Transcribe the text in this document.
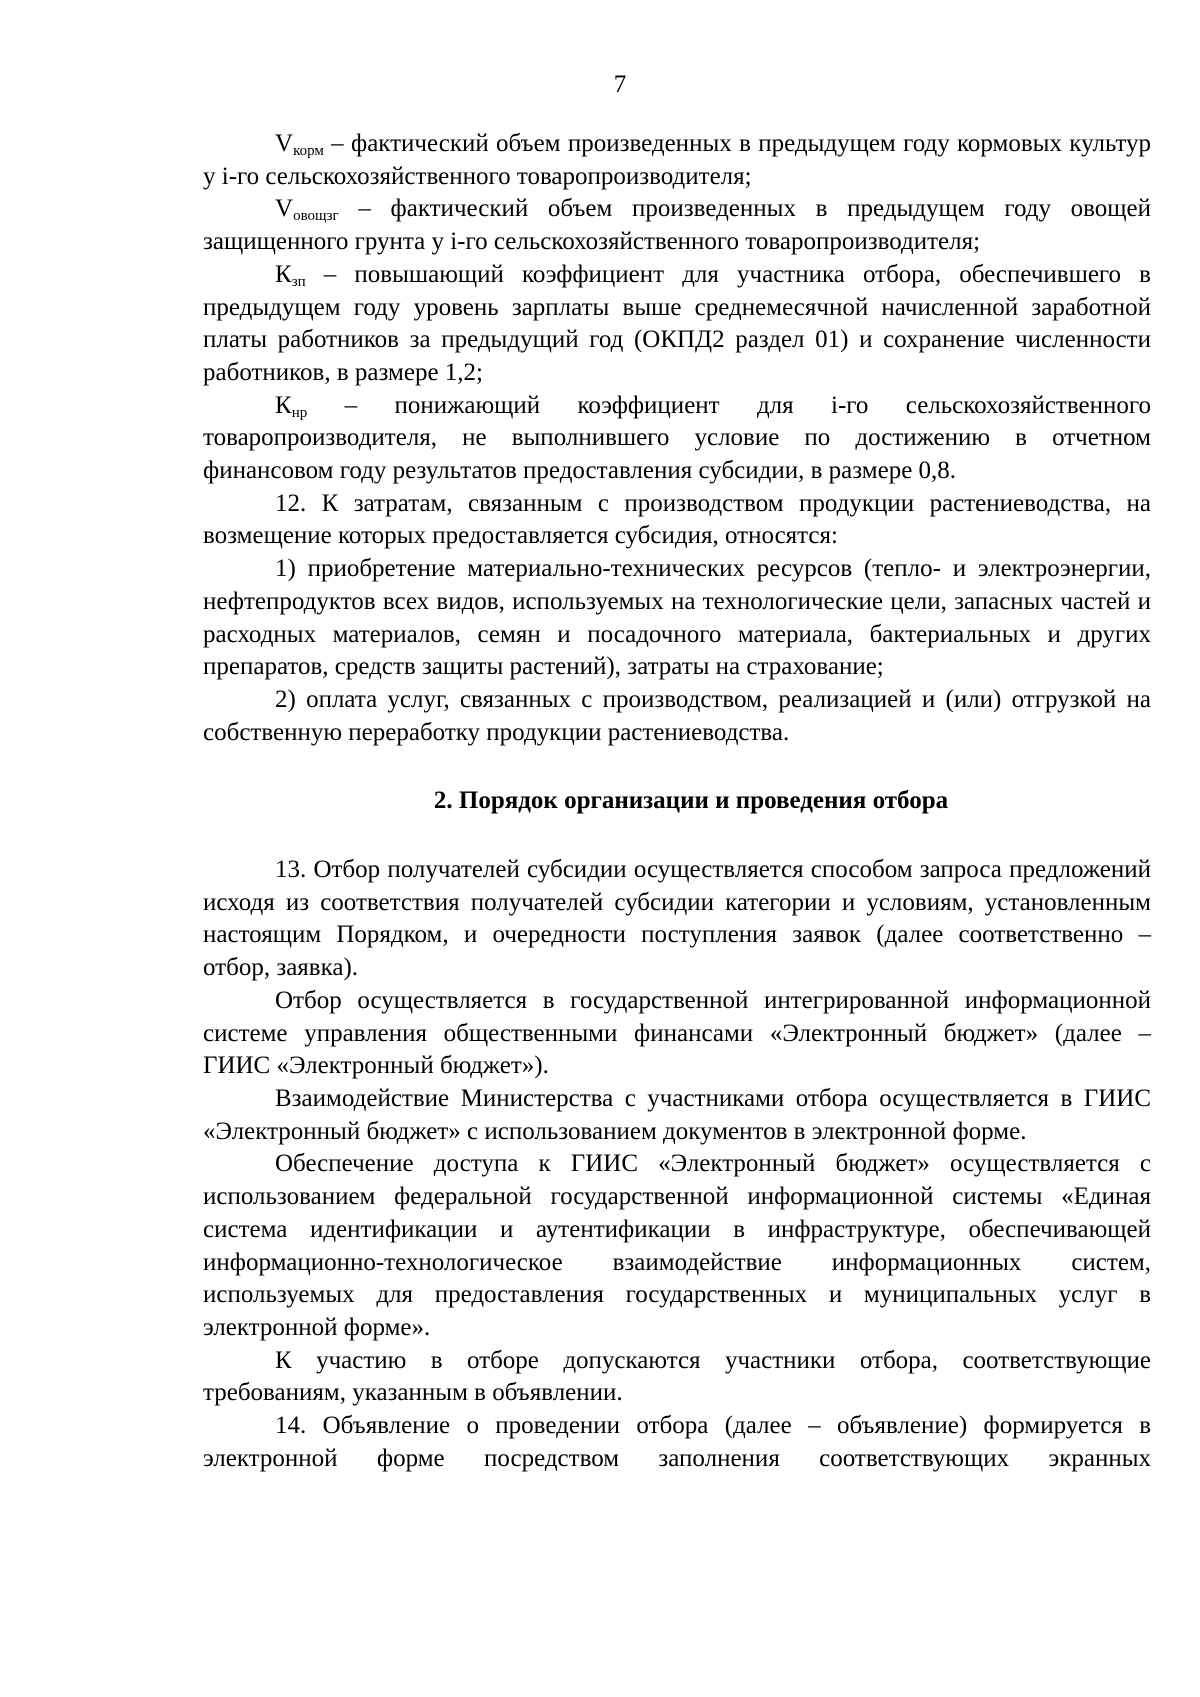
7

$V_{корм}$ – фактический объем произведенных в предыдущем году кормовых культур у i-го сельскохозяйственного товаропроизводителя;

$V_{овощзг}$ – фактический объем произведенных в предыдущем году овощей защищенного грунта у i-го сельскохозяйственного товаропроизводителя;

$К_{зп}$ – повышающий коэффициент для участника отбора, обеспечившего в предыдущем году уровень зарплаты выше среднемесячной начисленной заработной платы работников за предыдущий год (ОКПД2 раздел 01) и сохранение численности работников, в размере 1,2;

$К_{нр}$ – понижающий коэффициент для i-го сельскохозяйственного товаропроизводителя, не выполнившего условие по достижению в отчетном финансовом году результатов предоставления субсидии, в размере 0,8.

12. К затратам, связанным с производством продукции растениеводства, на возмещение которых предоставляется субсидия, относятся:

1) приобретение материально-технических ресурсов (тепло- и электроэнергии, нефтепродуктов всех видов, используемых на технологические цели, запасных частей и расходных материалов, семян и посадочного материала, бактериальных и других препаратов, средств защиты растений), затраты на страхование;

2) оплата услуг, связанных с производством, реализацией и (или) отгрузкой на собственную переработку продукции растениеводства.

2. Порядок организации и проведения отбора

13. Отбор получателей субсидии осуществляется способом запроса предложений исходя из соответствия получателей субсидии категории и условиям, установленным настоящим Порядком, и очередности поступления заявок (далее соответственно – отбор, заявка).

Отбор осуществляется в государственной интегрированной информационной системе управления общественными финансами «Электронный бюджет» (далее – ГИИС «Электронный бюджет»).

Взаимодействие Министерства с участниками отбора осуществляется в ГИИС «Электронный бюджет» с использованием документов в электронной форме.

Обеспечение доступа к ГИИС «Электронный бюджет» осуществляется с использованием федеральной государственной информационной системы «Единая система идентификации и аутентификации в инфраструктуре, обеспечивающей информационно-технологическое взаимодействие информационных систем, используемых для предоставления государственных и муниципальных услуг в электронной форме».

К участию в отборе допускаются участники отбора, соответствующие требованиям, указанным в объявлении.

14. Объявление о проведении отбора (далее – объявление) формируется в электронной форме посредством заполнения соответствующих экранных
